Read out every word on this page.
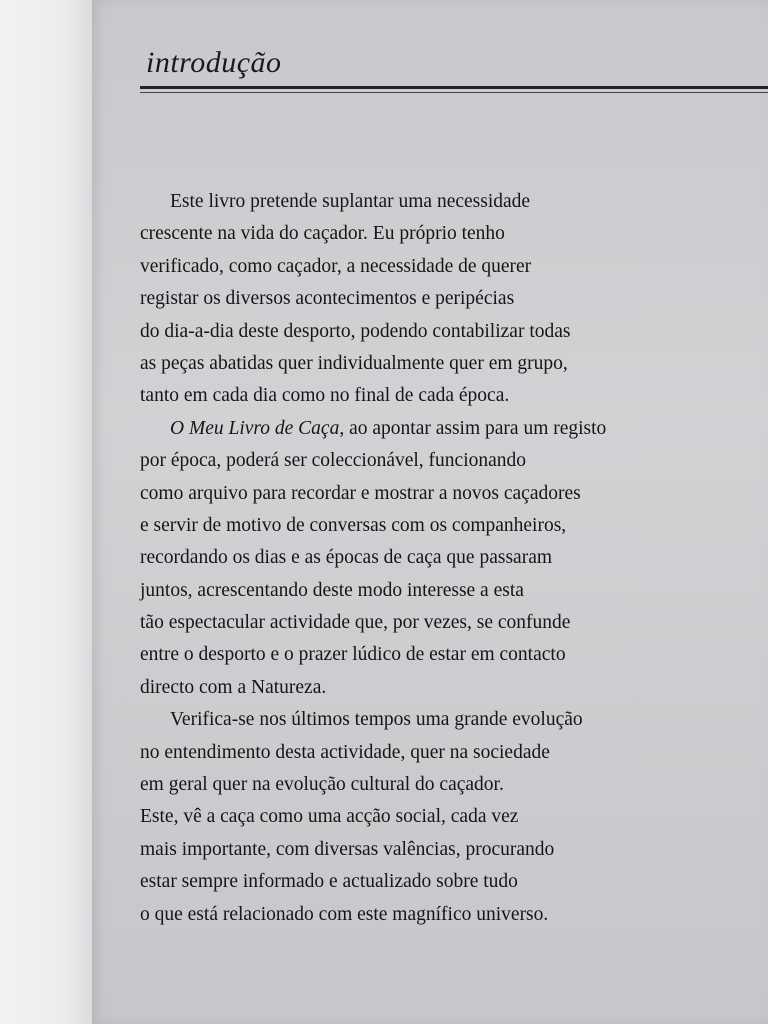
introdução
Este livro pretende suplantar uma necessidade
crescente na vida do caçador. Eu próprio tenho
verificado, como caçador, a necessidade de querer
registar os diversos acontecimentos e peripécias
do dia-a-dia deste desporto, podendo contabilizar todas
as peças abatidas quer individualmente quer em grupo,
tanto em cada dia como no final de cada época.
O Meu Livro de Caça, ao apontar assim para um registo
por época, poderá ser coleccionável, funcionando
como arquivo para recordar e mostrar a novos caçadores
e servir de motivo de conversas com os companheiros,
recordando os dias e as épocas de caça que passaram
juntos, acrescentando deste modo interesse a esta
tão espectacular actividade que, por vezes, se confunde
entre o desporto e o prazer lúdico de estar em contacto
directo com a Natureza.
Verifica-se nos últimos tempos uma grande evolução
no entendimento desta actividade, quer na sociedade
em geral quer na evolução cultural do caçador.
Este, vê a caça como uma acção social, cada vez
mais importante, com diversas valências, procurando
estar sempre informado e actualizado sobre tudo
o que está relacionado com este magnífico universo.
